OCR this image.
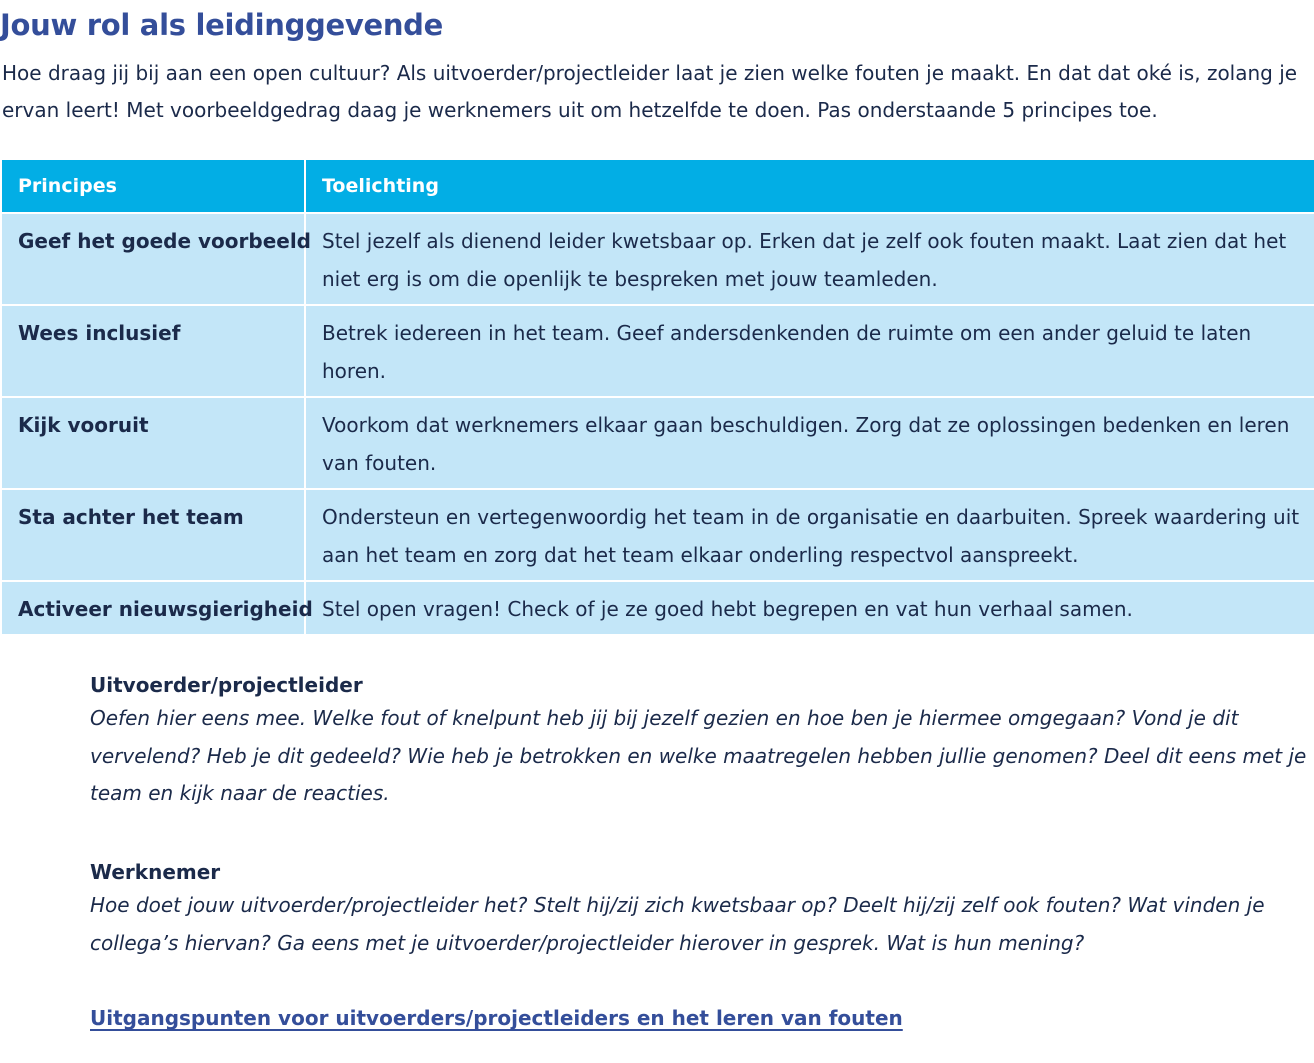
Jouw rol als leidinggevende

Hoe draag jij bij aan een open cultuur? Als uitvoerder/projectleider laat je zien welke fouten je maakt. En dat dat oké is, zolang je ervan leert! Met voorbeeldgedrag daag je werknemers uit om hetzelfde te doen. Pas onderstaande 5 principes toe.

Principes	Toelichting
Geef het goede voorbeeld	Stel jezelf als dienend leider kwetsbaar op. Erken dat je zelf ook fouten maakt. Laat zien dat het niet erg is om die openlijk te bespreken met jouw teamleden.
Wees inclusief	Betrek iedereen in het team. Geef andersdenkenden de ruimte om een ander geluid te laten horen.
Kijk vooruit	Voorkom dat werknemers elkaar gaan beschuldigen. Zorg dat ze oplossingen bedenken en leren van fouten.
Sta achter het team	Ondersteun en vertegenwoordig het team in de organisatie en daarbuiten. Spreek waardering uit aan het team en zorg dat het team elkaar onderling respectvol aanspreekt.
Activeer nieuwsgierigheid	Stel open vragen! Check of je ze goed hebt begrepen en vat hun verhaal samen.
Uitvoerder/projectleider

Oefen hier eens mee. Welke fout of knelpunt heb jij bij jezelf gezien en hoe ben je hiermee omgegaan? Vond je dit vervelend? Heb je dit gedeeld? Wie heb je betrokken en welke maatregelen hebben jullie genomen? Deel dit eens met je team en kijk naar de reacties.

Werknemer

Hoe doet jouw uitvoerder/projectleider het? Stelt hij/zij zich kwetsbaar op? Deelt hij/zij zelf ook fouten? Wat vinden je collega’s hiervan? Ga eens met je uitvoerder/projectleider hierover in gesprek. Wat is hun mening?

Uitgangspunten voor uitvoerders/projectleiders en het leren van fouten
